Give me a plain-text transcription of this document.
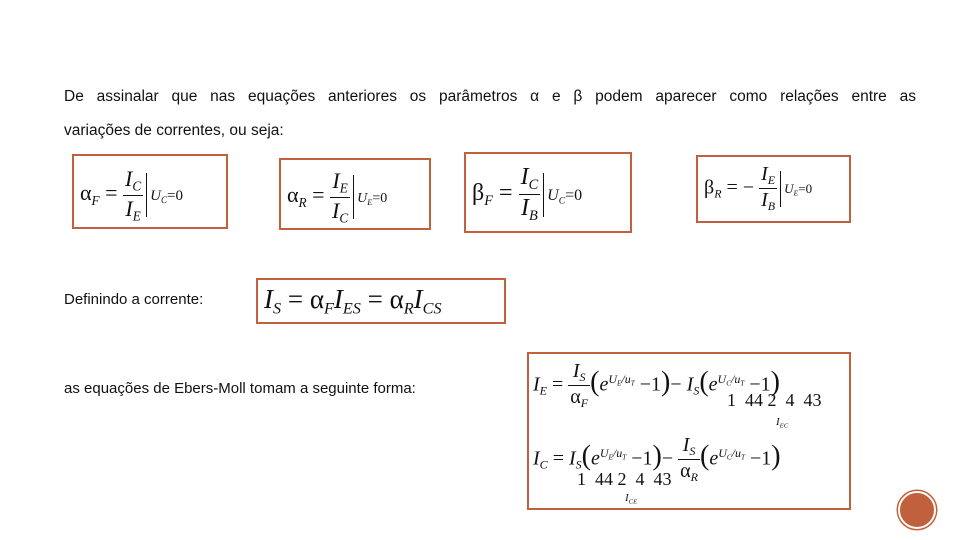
De assinalar que nas equações anteriores os parâmetros α e β podem aparecer como relações entre as
variações de correntes, ou seja:
$\alpha_F = \frac{I_C}{I_E} U_C=0$	$\alpha_R = \frac{I_E}{I_C} U_E=0$	$\beta_F = \frac{I_C}{I_B} U_C=0$	$\beta_R$ = − $\frac{I_E}{I_B} U_E=0$
Definindo a corrente: $I_S = \alpha_FI_{ES} = \alpha_RI_{CS}$
as equações de Ebers-Moll tomam a seguinte forma:	$I_E = \frac{I_S}{\alpha_F} (e^{U_E/u_T} -1)- I_S(e^{U_C/u_T} -1)$
1  44 2  4  43
$I_{EC}$
$I_C = I_S(e^{U_E/u_T} -1)- \frac{I_S}{\alpha_R} (e^{U_C/u_T} -1)$
1  44 2  4  43
$I_{CE}$
